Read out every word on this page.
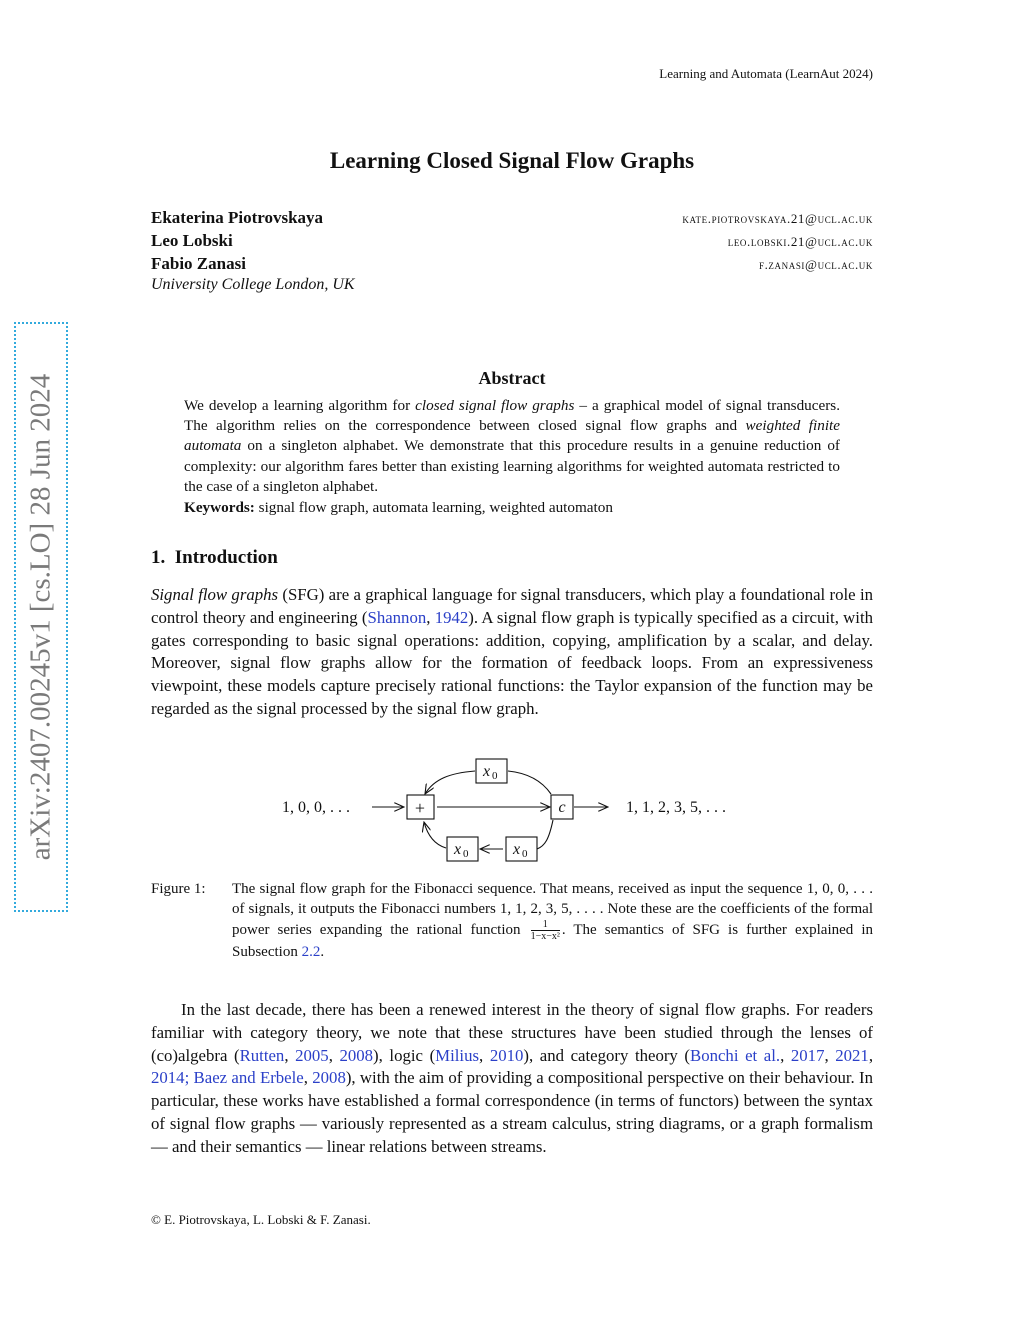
Learning and Automata (LearnAut 2024)
Learning Closed Signal Flow Graphs
Ekaterina Piotrovskaya	kate.piotrovskaya.21@ucl.ac.uk
Leo Lobski	leo.lobski.21@ucl.ac.uk
Fabio Zanasi	f.zanasi@ucl.ac.uk
University College London, UK
arXiv:2407.00245v1 [cs.LO] 28 Jun 2024	Abstract
We develop a learning algorithm for closed signal flow graphs – a graphical model of signal transducers. The algorithm relies on the correspondence between closed signal flow graphs and weighted finite automata on a singleton alphabet. We demonstrate that this procedure results in a genuine reduction of complexity: our algorithm fares better than existing learning algorithms for weighted automata restricted to the case of a singleton alphabet.
Keywords: signal flow graph, automata learning, weighted automaton
1. Introduction
Signal flow graphs (SFG) are a graphical language for signal transducers, which play a foundational role in control theory and engineering (Shannon, 1942). A signal flow graph is typically specified as a circuit, with gates corresponding to basic signal operations: addition, copying, amplification by a scalar, and delay. Moreover, signal flow graphs allow for the formation of feedback loops. From an expressiveness viewpoint, these models capture precisely rational functions: the Taylor expansion of the function may be regarded as the signal processed by the signal flow graph.
1, 0, 0, . . .	1, 1, 2, 3, 5, . . .
+	c
x 0
x 0	x 0
Figure 1: The signal flow graph for the Fibonacci sequence. That means, received as input the sequence 1, 0, 0, . . . of signals, it outputs the Fibonacci numbers 1, 1, 2, 3, 5, . . . . Note these are the coefficients of the formal power series expanding the rational function $\frac{1}{\text{1−x−x²}}$ . The semantics of SFG is further explained in Subsection 2.2.
In the last decade, there has been a renewed interest in the theory of signal flow graphs. For readers familiar with category theory, we note that these structures have been studied through the lenses of (co)algebra (Rutten, 2005, 2008), logic (Milius, 2010), and category theory (Bonchi et al., 2017, 2021, 2014; Baez and Erbele, 2008), with the aim of providing a compositional perspective on their behaviour. In particular, these works have established a formal correspondence (in terms of functors) between the syntax of signal flow graphs — variously represented as a stream calculus, string diagrams, or a graph formalism — and their semantics — linear relations between streams.
© E. Piotrovskaya, L. Lobski & F. Zanasi.
